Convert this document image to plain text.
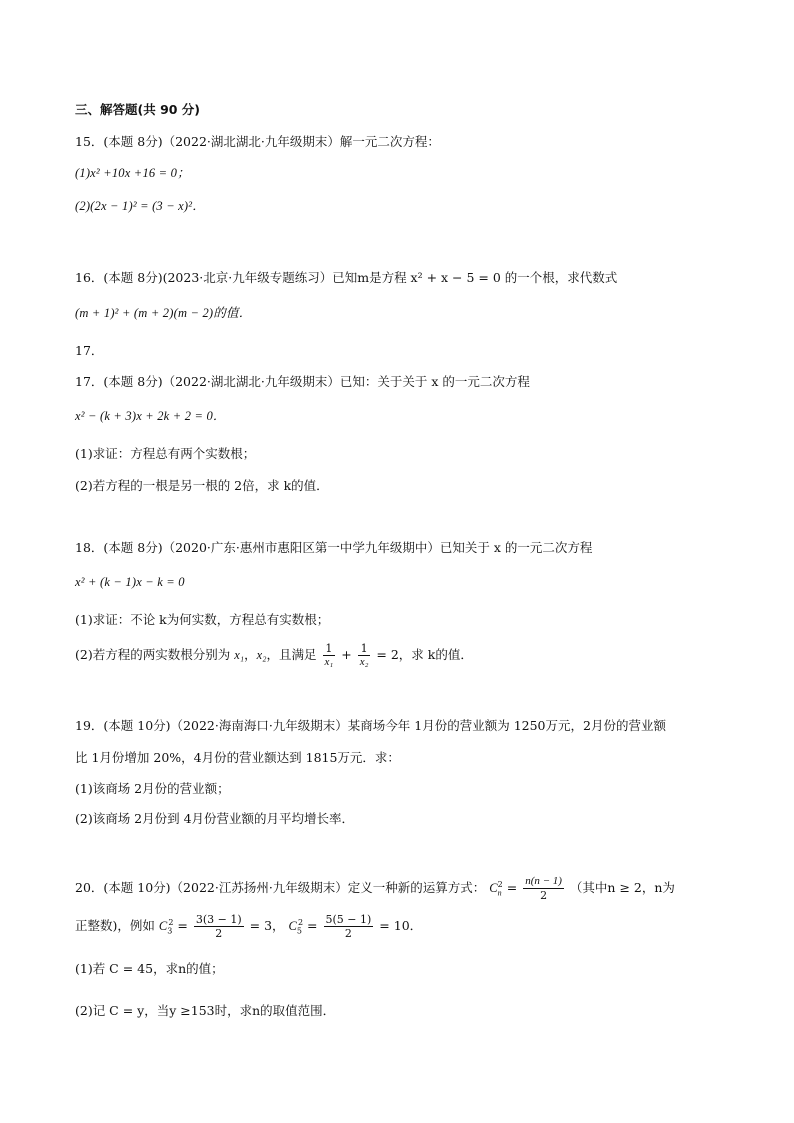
三、解答题(共 90 分)
15．(本题 8分)（2022·湖北湖北·九年级期末）解一元二次方程：
(1)x² +10x +16 = 0；
(2)(2x − 1)² = (3 − x)²．
16．(本题 8分)(2023·北京·九年级专题练习）已知m是方程 x² + x − 5 = 0 的一个根，求代数式
(m + 1)² + (m + 2)(m − 2)的值．
17．
17．(本题 8分)（2022·湖北湖北·九年级期末）已知：关于关于 x 的一元二次方程
x² − (k + 3)x + 2k + 2 = 0．
(1)求证：方程总有两个实数根；
(2)若方程的一根是另一根的 2倍，求 k的值．
18．(本题 8分)（2020·广东·惠州市惠阳区第一中学九年级期中）已知关于 x 的一元二次方程
x² + (k − 1)x − k = 0
(1)求证：不论 k为何实数，方程总有实数根；
(2)若方程的两实数根分别为 x₁，x₂，且满足 $\frac{1}{\text{x₁}} + \frac{1}{\text{x₂}} = 2$，求 k的值．
19．(本题 10分)（2022·海南海口·九年级期末）某商场今年 1月份的营业额为 1250万元，2月份的营业额
比 1月份增加 20%，4月份的营业额达到 1815万元．求：
(1)该商场 2月份的营业额；
(2)该商场 2月份到 4月份营业额的月平均增长率．
20．(本题 10分)（2022·江苏扬州·九年级期末）定义一种新的运算方式： $C_n^2 = \frac{n(n - 1)}{2}$ （其中n ≥ 2，n为
正整数)，例如 $C_3^2 = \frac{3(3 - 1)}{2} = 3$， $C_5^2 = \frac{5(5 - 1)}{2} = 10$．
(1)若 C = 45，求n的值；
(2)记 C = y，当y ≥153时，求n的取值范围．
